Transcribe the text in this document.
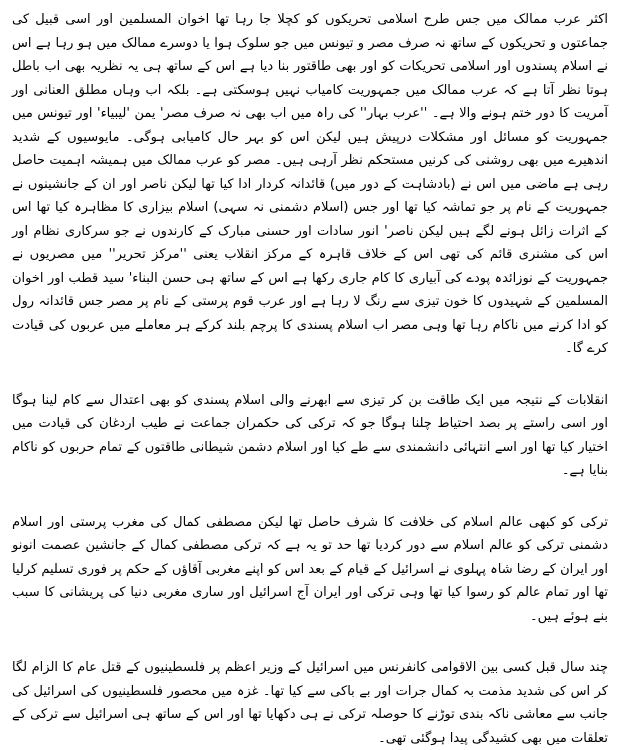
اکثر عرب ممالک میں جس طرح اسلامی تحریکوں کو کچلا جا رہا تھا اخوان المسلمین اور اسی قبیل کی جماعتوں و تحریکوں کے ساتھ نہ صرف مصر و تیونس میں جو سلوک ہوا یا دوسرے ممالک میں ہو رہا ہے اس نے اسلام پسندوں اور اسلامی تحریکات کو اور بھی طاقتور بنا دیا ہے اس کے ساتھ ہی یہ نظریہ بھی اب باطل ہوتا نظر آتا ہے کہ عرب ممالک میں جمہوریت کامیاب نہیں ہوسکتی ہے۔ بلکہ اب وہاں مطلق العنانی اور آمریت کا دور ختم ہونے والا ہے۔ ''عرب بہار'' کی راہ میں اب بھی نہ صرف مصر' یمن 'لیبیاء' اور تیونس میں جمہوریت کو مسائل اور مشکلات درپیش ہیں لیکن اس کو بہر حال کامیابی ہوگی۔ مایوسیوں کے شدید اندھیرے میں بھی روشنی کی کرنیں مستحکم نظر آرہی ہیں۔ مصر کو عرب ممالک میں ہمیشہ اہمیت حاصل رہی ہے ماضی میں اس نے (بادشاہت کے دور میں) قائدانہ کردار ادا کیا تھا لیکن ناصر اور ان کے جانشینوں نے جمہوریت کے نام پر جو تماشہ کیا تھا اور جس (اسلام دشمنی نہ سہی) اسلام بیزاری کا مظاہرہ کیا تھا اس کے اثرات زائل ہونے لگے ہیں لیکن ناصر' انور سادات اور حسنی مبارک کے کارندوں نے جو سرکاری نظام اور اس کی مشنری قائم کی تھی اس کے خلاف قاہرہ کے مرکز انقلاب یعنی ''مرکز تحریر'' میں مصریوں نے جمہوریت کے نوزائدہ پودے کی آبیاری کا کام جاری رکھا ہے اس کے ساتھ ہی حسن البناء' سید قطب اور اخوان المسلمین کے شہیدوں کا خون تیزی سے رنگ لا رہا ہے اور عرب قوم پرستی کے نام پر مصر جس قائدانہ رول کو ادا کرنے میں ناکام رہا تھا وہی مصر اب اسلام پسندی کا پرچم بلند کرکے ہر معاملے میں عربوں کی قیادت کرے گا۔

انقلابات کے نتیجہ میں ایک طاقت بن کر تیزی سے ابھرنے والی اسلام پسندی کو بھی اعتدال سے کام لینا ہوگا اور اسی راستے پر بصد احتیاط چلنا ہوگا جو کہ ترکی کی حکمران جماعت نے طیب اردغان کی قیادت میں اختیار کیا تھا اور اسے انتہائی دانشمندی سے طے کیا اور اسلام دشمن شیطانی طاقتوں کے تمام حربوں کو ناکام بنایا ہے۔

ترکی کو کبھی عالم اسلام کی خلافت کا شرف حاصل تھا لیکن مصطفی کمال کی مغرب پرستی اور اسلام دشمنی ترکی کو عالم اسلام سے دور کردیا تھا حد تو یہ ہے کہ ترکی مصطفی کمال کے جانشین عصمت انونو اور ایران کے رضا شاہ پہلوی نے اسرائیل کے قیام کے بعد اس کو اپنے مغربی آقاؤں کے حکم پر فوری تسلیم کرلیا تھا اور تمام عالم کو رسوا کیا تھا وہی ترکی اور ایران آج اسرائیل اور ساری مغربی دنیا کی پریشانی کا سبب بنے ہوئے ہیں۔

چند سال قبل کسی بین الاقوامی کانفرنس میں اسرائیل کے وزیر اعظم پر فلسطینیوں کے قتل عام کا الزام لگا کر اس کی شدید مذمت بہ کمال جرات اور بے باکی سے کیا تھا۔ غزہ میں محصور فلسطینیوں کی اسرائیل کی جانب سے معاشی ناکہ بندی توڑنے کا حوصلہ ترکی نے ہی دکھایا تھا اور اس کے ساتھ ہی اسرائیل سے ترکی کے تعلقات میں بھی کشیدگی پیدا ہوگئی تھی۔
